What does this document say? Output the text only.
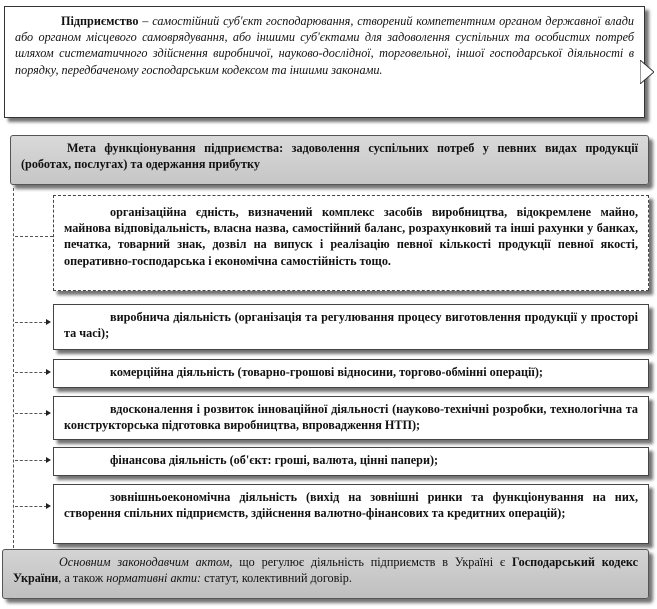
Підприємство – самостійний суб'єкт господарювання, створений компетентним органом державної влади або органом місцевого самоврядування, або іншими суб'єктами для задоволення суспільних та особистих потреб шляхом систематичного здійснення виробничої, науково-дослідної, торговельної, іншої господарської діяльності в порядку, передбаченому господарським кодексом та іншими законами.
Мета функціонування підприємства: задоволення суспільних потреб у певних видах продукції (роботах, послугах) та одержання прибутку
організаційна єдність, визначений комплекс засобів виробництва, відокремлене майно, майнова відповідальність, власна назва, самостійний баланс, розрахунковий та інші рахунки у банках, печатка, товарний знак, дозвіл на випуск і реалізацію певної кількості продукції певної якості, оперативно-господарська і економічна самостійність тощо.
виробнича діяльність (організація та регулювання процесу виготовлення продукції у просторі та часі);
комерційна діяльність (товарно-грошові відносини, торгово-обмінні операції);
вдосконалення і розвиток інноваційної діяльності (науково-технічні розробки, технологічна та конструкторська підготовка виробництва, впровадження НТП);
фінансова діяльність (об'єкт: гроші, валюта, цінні папери);
зовнішньоекономічна діяльність (вихід на зовнішні ринки та функціонування на них, створення спільних підприємств, здійснення валютно-фінансових та кредитних операцій);
Основним законодавчим актом, що регулює діяльність підприємств в Україні є Господарський кодекс України, а також нормативні акти: статут, колективний договір.
